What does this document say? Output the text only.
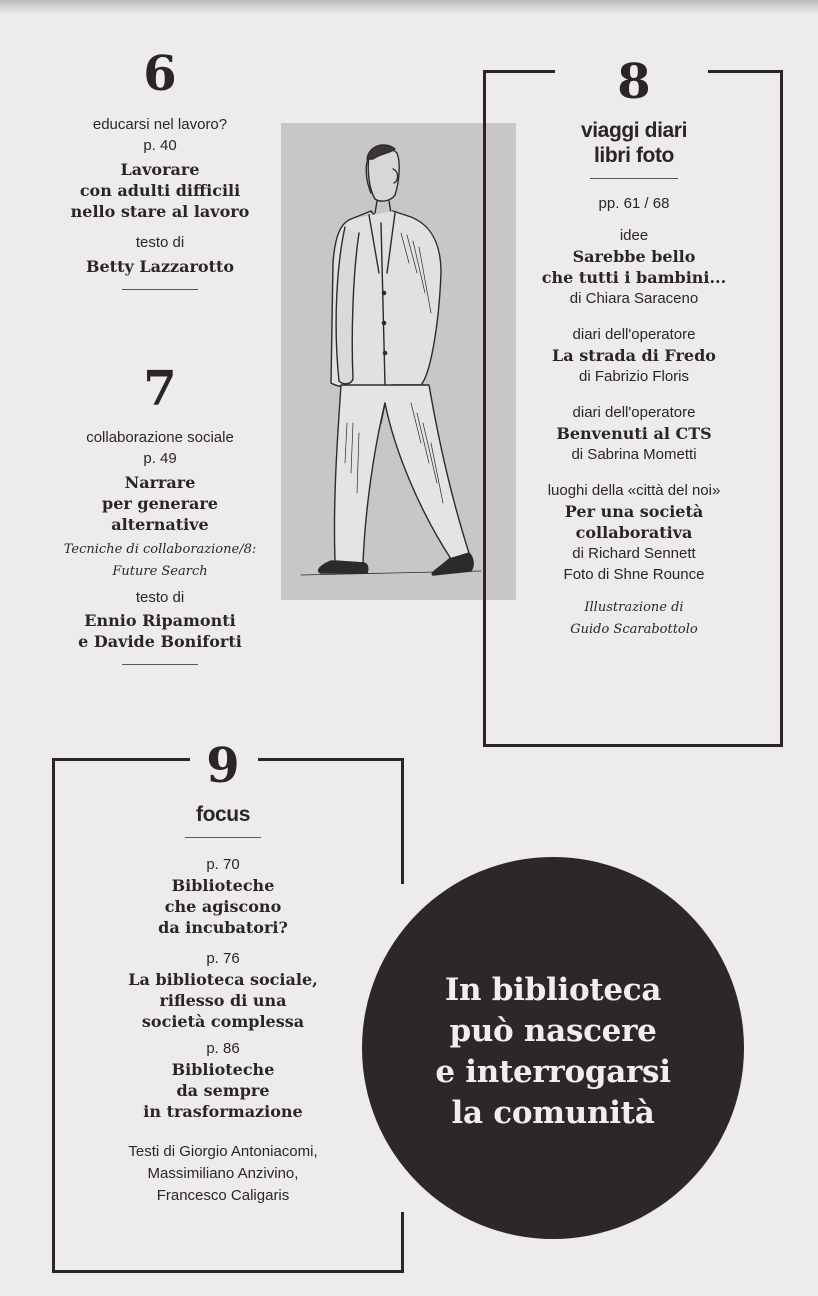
6
educarsi nel lavoro?
p. 40
Lavorare
con adulti difficili
nello stare al lavoro
testo di
Betty Lazzarotto
7
collaborazione sociale
p. 49
Narrare
per generare
alternative
Tecniche di collaborazione/8:
Future Search
testo di
Ennio Ripamonti
e Davide Boniforti
8
viaggi diari
libri foto
pp. 61 / 68
idee
Sarebbe bello
che tutti i bambini...
di Chiara Saraceno
diari dell'operatore
La strada di Fredo
di Fabrizio Floris
diari dell'operatore
Benvenuti al CTS
di Sabrina Mometti
luoghi della «città del noi»
Per una società
collaborativa
di Richard Sennett
Foto di Shne Rounce
Illustrazione di
Guido Scarabottolo
9
focus
p. 70
Biblioteche
che agiscono
da incubatori?
p. 76
La biblioteca sociale,
riflesso di una
società complessa
p. 86
Biblioteche
da sempre
in trasformazione
Testi di Giorgio Antoniacomi,
Massimiliano Anzivino,
Francesco Caligaris
In biblioteca
può nascere
e interrogarsi
la comunità
